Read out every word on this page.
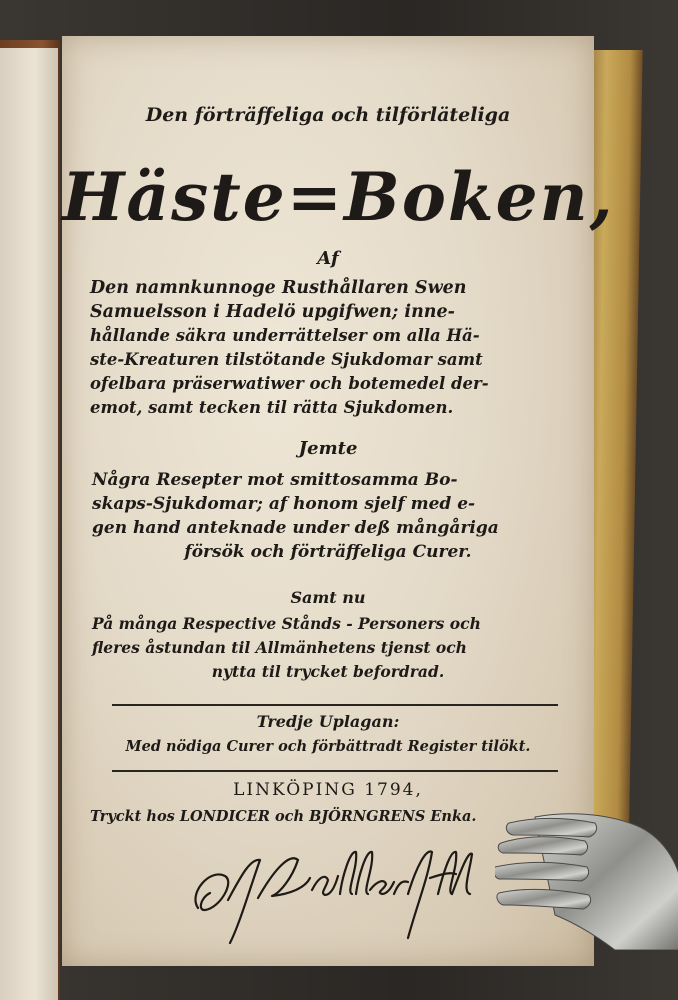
Den förträffeliga och tilförläteliga
Häste=Boken,
Af
Den namnkunnoge Rusthållaren Swen
Samuelsson i Hadelö upgifwen; inne-
hållande säkra underrättelser om alla Hä-
ste-Kreaturen tilstötande Sjukdomar samt
ofelbara präserwatiwer och botemedel der-
emot, samt tecken til rätta Sjukdomen.
Jemte
Några Resepter mot smittosamma Bo-
skaps-Sjukdomar; af honom sjelf med e-
gen hand anteknade under deß mångåriga
försök och förträffeliga Curer.
Samt nu
På många Respective Stånds - Personers och
fleres åstundan til Allmänhetens tjenst och
nytta til trycket befordrad.
Tredje Uplagan:
Med nödiga Curer och förbättradt Register tilökt.
LINKÖPING 1794,
Tryckt hos LONDICER och BJÖRNGRENS Enka.
